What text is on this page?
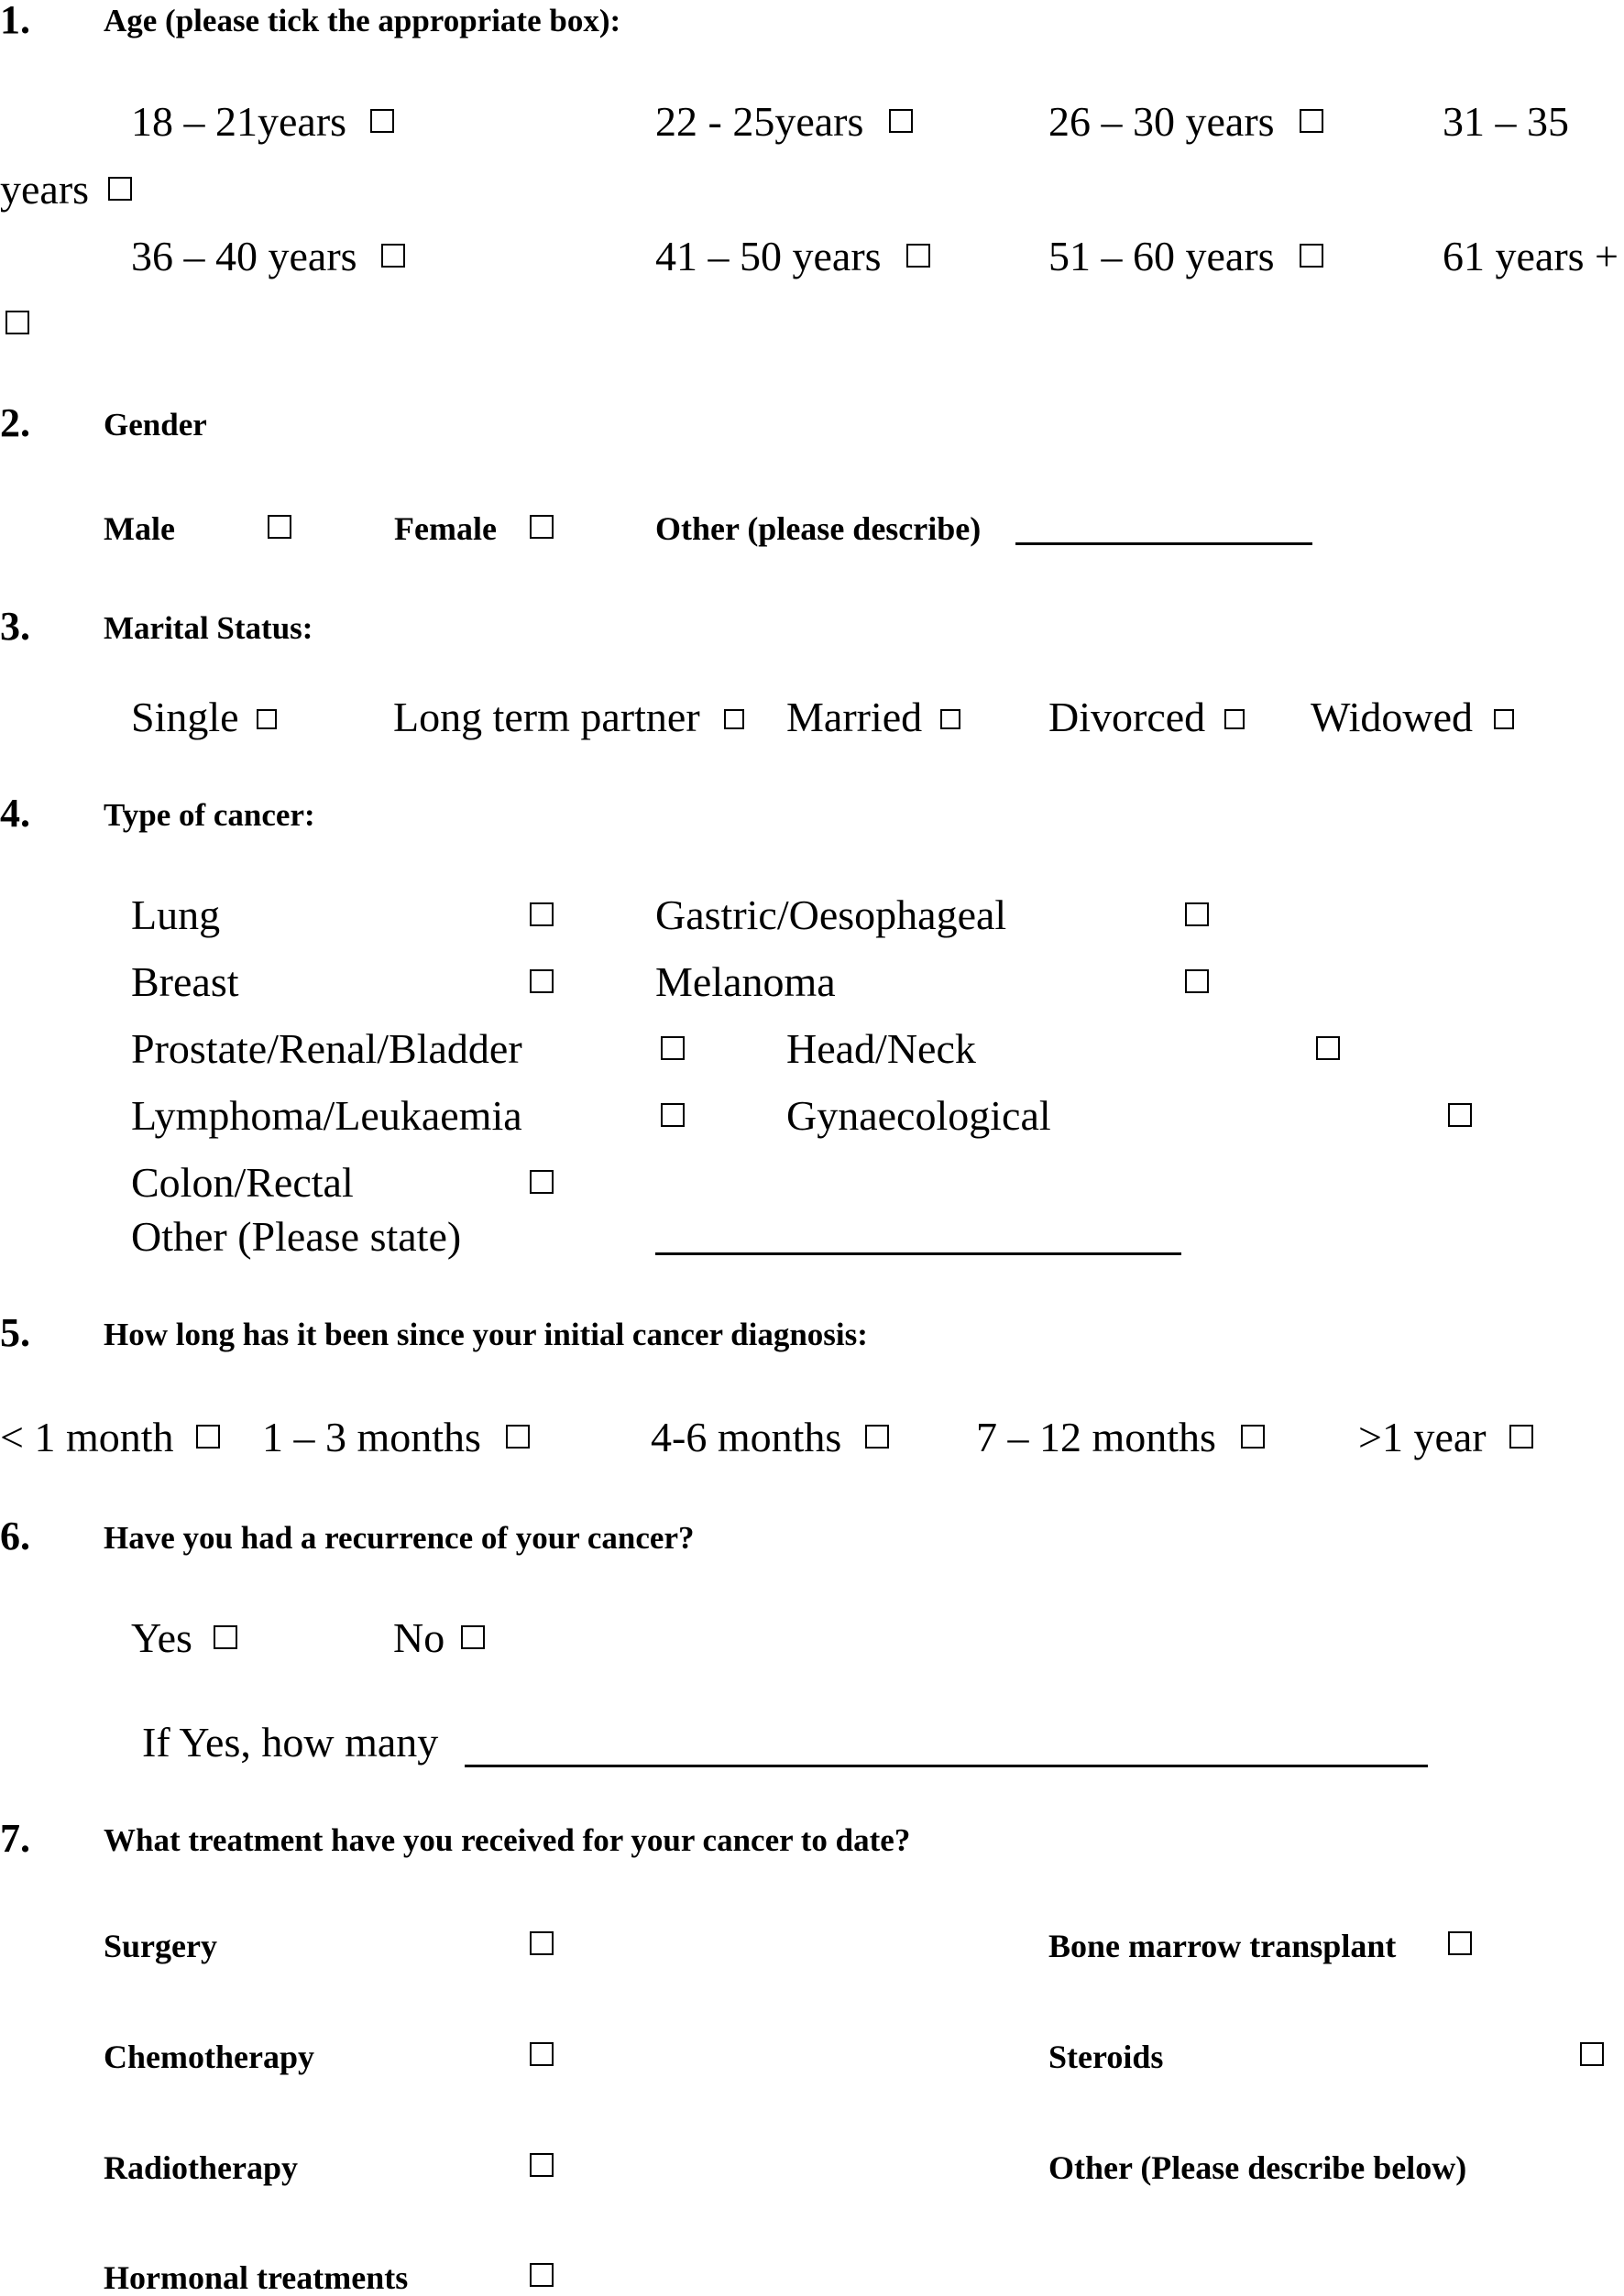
1. Age (please tick the appropriate box):
18 – 21years	22 - 25years	26 – 30 years	31 – 35
years
36 – 40 years	41 – 50 years	51 – 60 years	61 years +
2. Gender
Male	Female	Other (please describe)
3. Marital Status:
Single	Long term partner Married	Divorced Widowed
4. Type of cancer:
Lung	Gastric/Oesophageal
Breast	Melanoma
Prostate/Renal/Bladder	Head/Neck
Lymphoma/Leukaemia	Gynaecological
Colon/Rectal
Other (Please state)
5. How long has it been since your initial cancer diagnosis:
< 1 month 1 – 3 months	4-6 months	7 – 12 months	>1 year
6. Have you had a recurrence of your cancer?
Yes	No
If Yes, how many
7. What treatment have you received for your cancer to date?
Surgery	Bone marrow transplant
Chemotherapy	Steroids
Radiotherapy	Other (Please describe below)
Hormonal treatments
